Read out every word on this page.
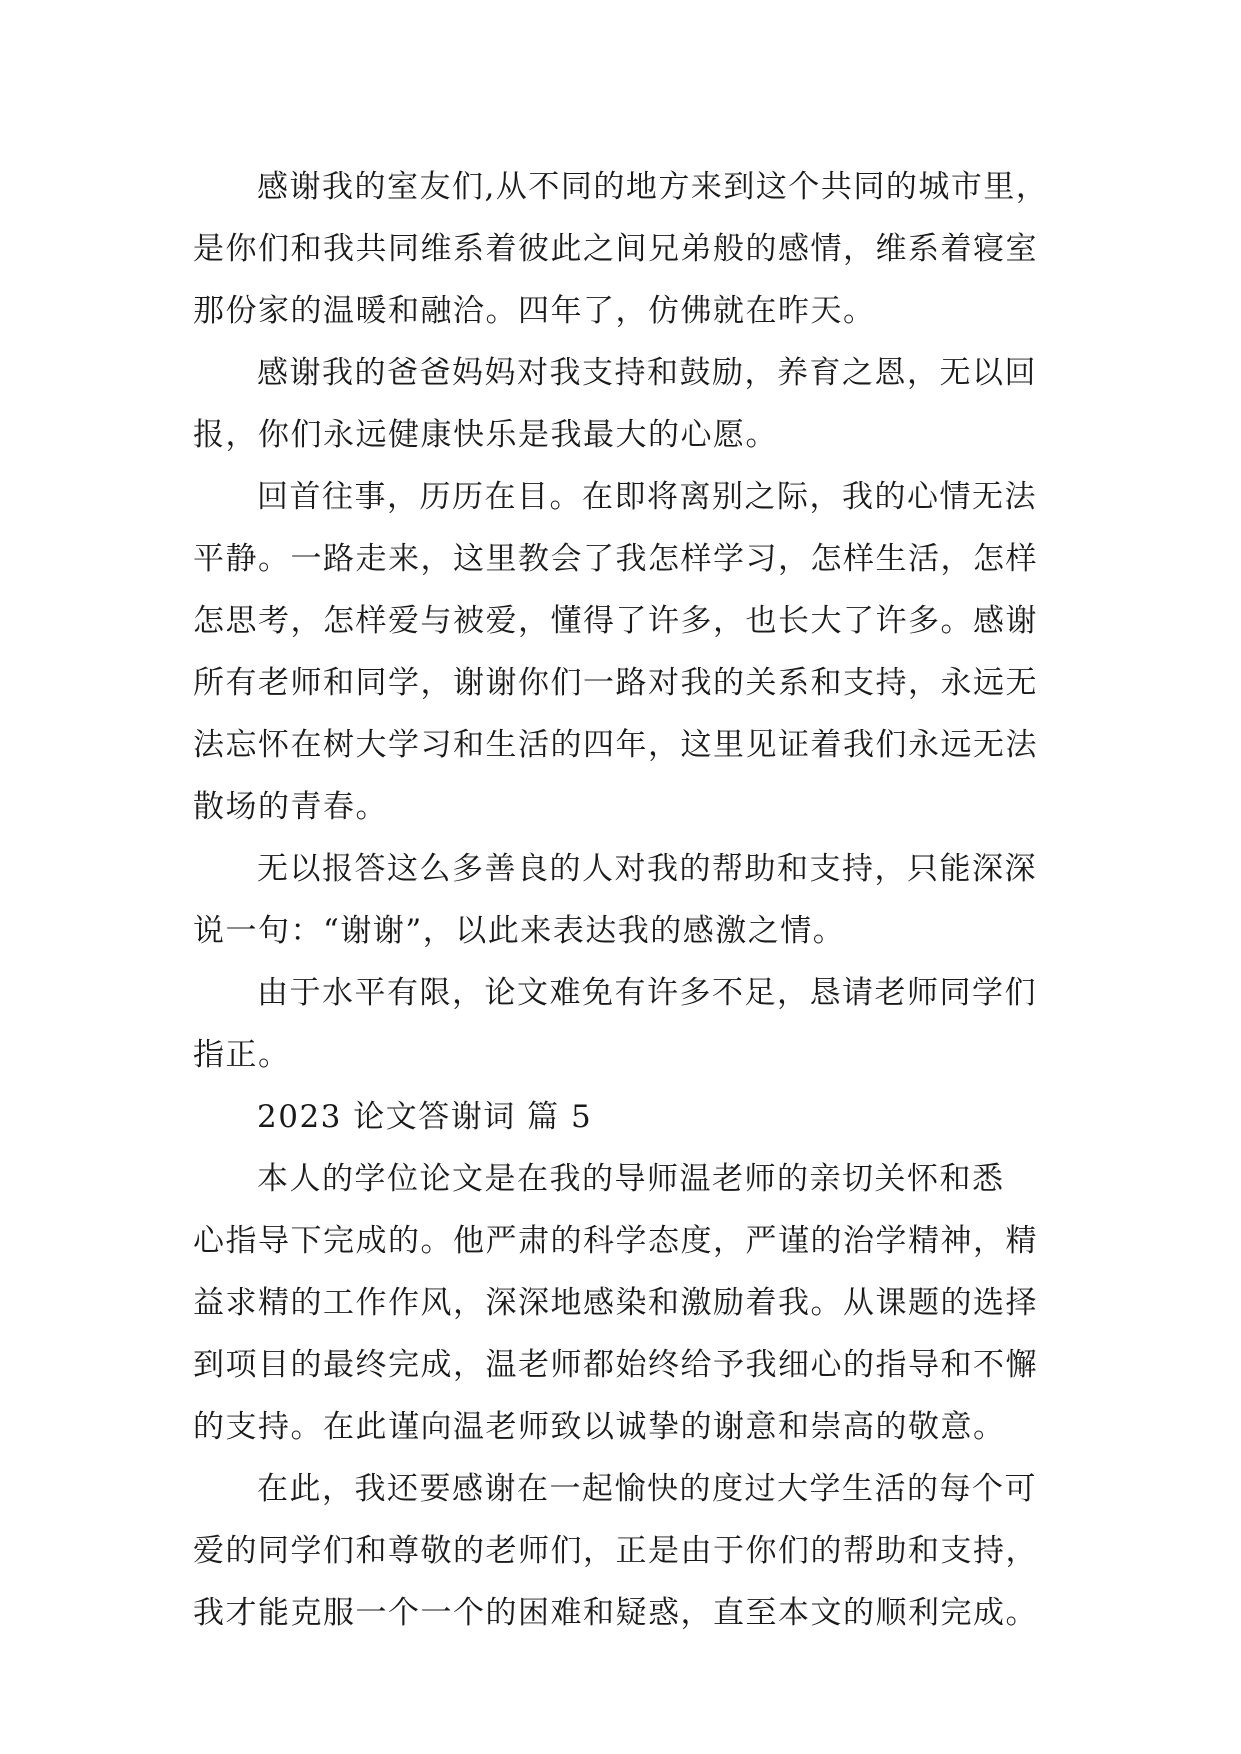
感谢我的室友们,从不同的地方来到这个共同的城市里，
是你们和我共同维系着彼此之间兄弟般的感情，维系着寝室
那份家的温暖和融洽。四年了，仿佛就在昨天。
感谢我的爸爸妈妈对我支持和鼓励，养育之恩，无以回
报，你们永远健康快乐是我最大的心愿。
回首往事，历历在目。在即将离别之际，我的心情无法
平静。一路走来，这里教会了我怎样学习，怎样生活，怎样
怎思考，怎样爱与被爱，懂得了许多，也长大了许多。感谢
所有老师和同学，谢谢你们一路对我的关系和支持，永远无
法忘怀在树大学习和生活的四年，这里见证着我们永远无法
散场的青春。
无以报答这么多善良的人对我的帮助和支持，只能深深
说一句：“谢谢”，以此来表达我的感激之情。
由于水平有限，论文难免有许多不足，恳请老师同学们
指正。
2023 论文答谢词 篇 5
本人的学位论文是在我的导师温老师的亲切关怀和悉
心指导下完成的。他严肃的科学态度，严谨的治学精神，精
益求精的工作作风，深深地感染和激励着我。从课题的选择
到项目的最终完成，温老师都始终给予我细心的指导和不懈
的支持。在此谨向温老师致以诚挚的谢意和崇高的敬意。
在此，我还要感谢在一起愉快的度过大学生活的每个可
爱的同学们和尊敬的老师们，正是由于你们的帮助和支持，
我才能克服一个一个的困难和疑惑，直至本文的顺利完成。
